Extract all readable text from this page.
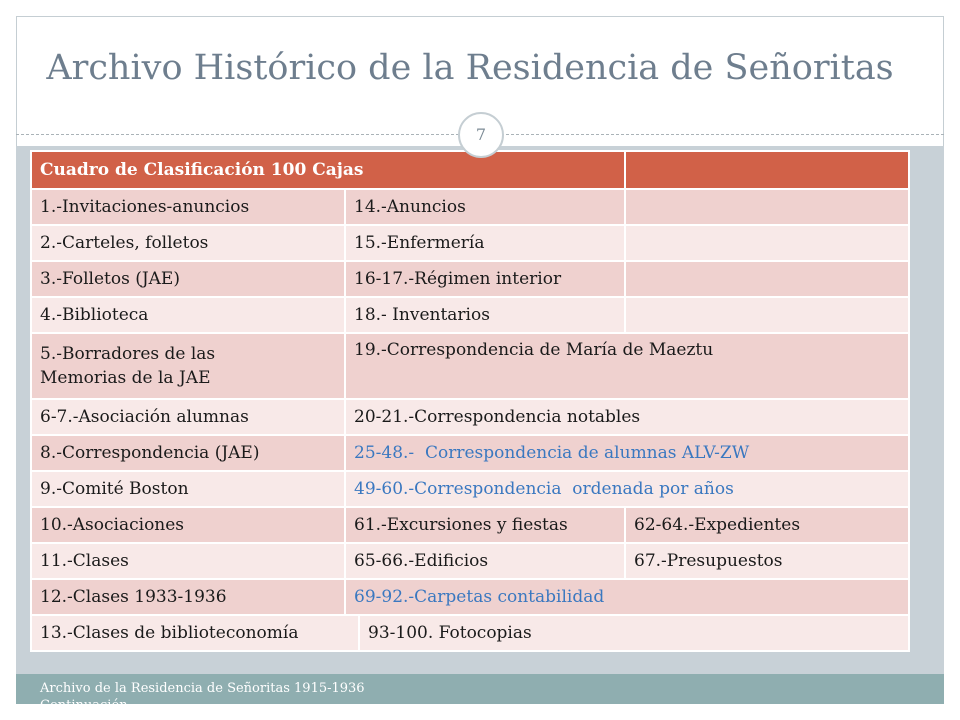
Archivo Histórico de la Residencia de Señoritas
7
Cuadro de Clasificación 100 Cajas		
1.-Invitaciones-anuncios	14.-Anuncios	
2.-Carteles, folletos	15.-Enfermería	
3.-Folletos (JAE)	16-17.-Régimen interior	
4.-Biblioteca	18.- Inventarios	
5.-Borradores de las Memorias de la JAE	19.-Correspondencia de María de Maeztu	
6-7.-Asociación alumnas	20-21.-Correspondencia notables	
8.-Correspondencia (JAE)	25-48.-  Correspondencia de alumnas ALV-ZW	
9.-Comité Boston	49-60.-Correspondencia  ordenada por años	
10.-Asociaciones	61.-Excursiones y fiestas	62-64.-Expedientes
11.-Clases	65-66.-Edificios	67.-Presupuestos
12.-Clases 1933-1936	69-92.-Carpetas contabilidad	

13.-Clases de biblioteconomía 93-100. Fotocopias		
Archivo de la Residencia de Señoritas 1915-1936
Continuación
